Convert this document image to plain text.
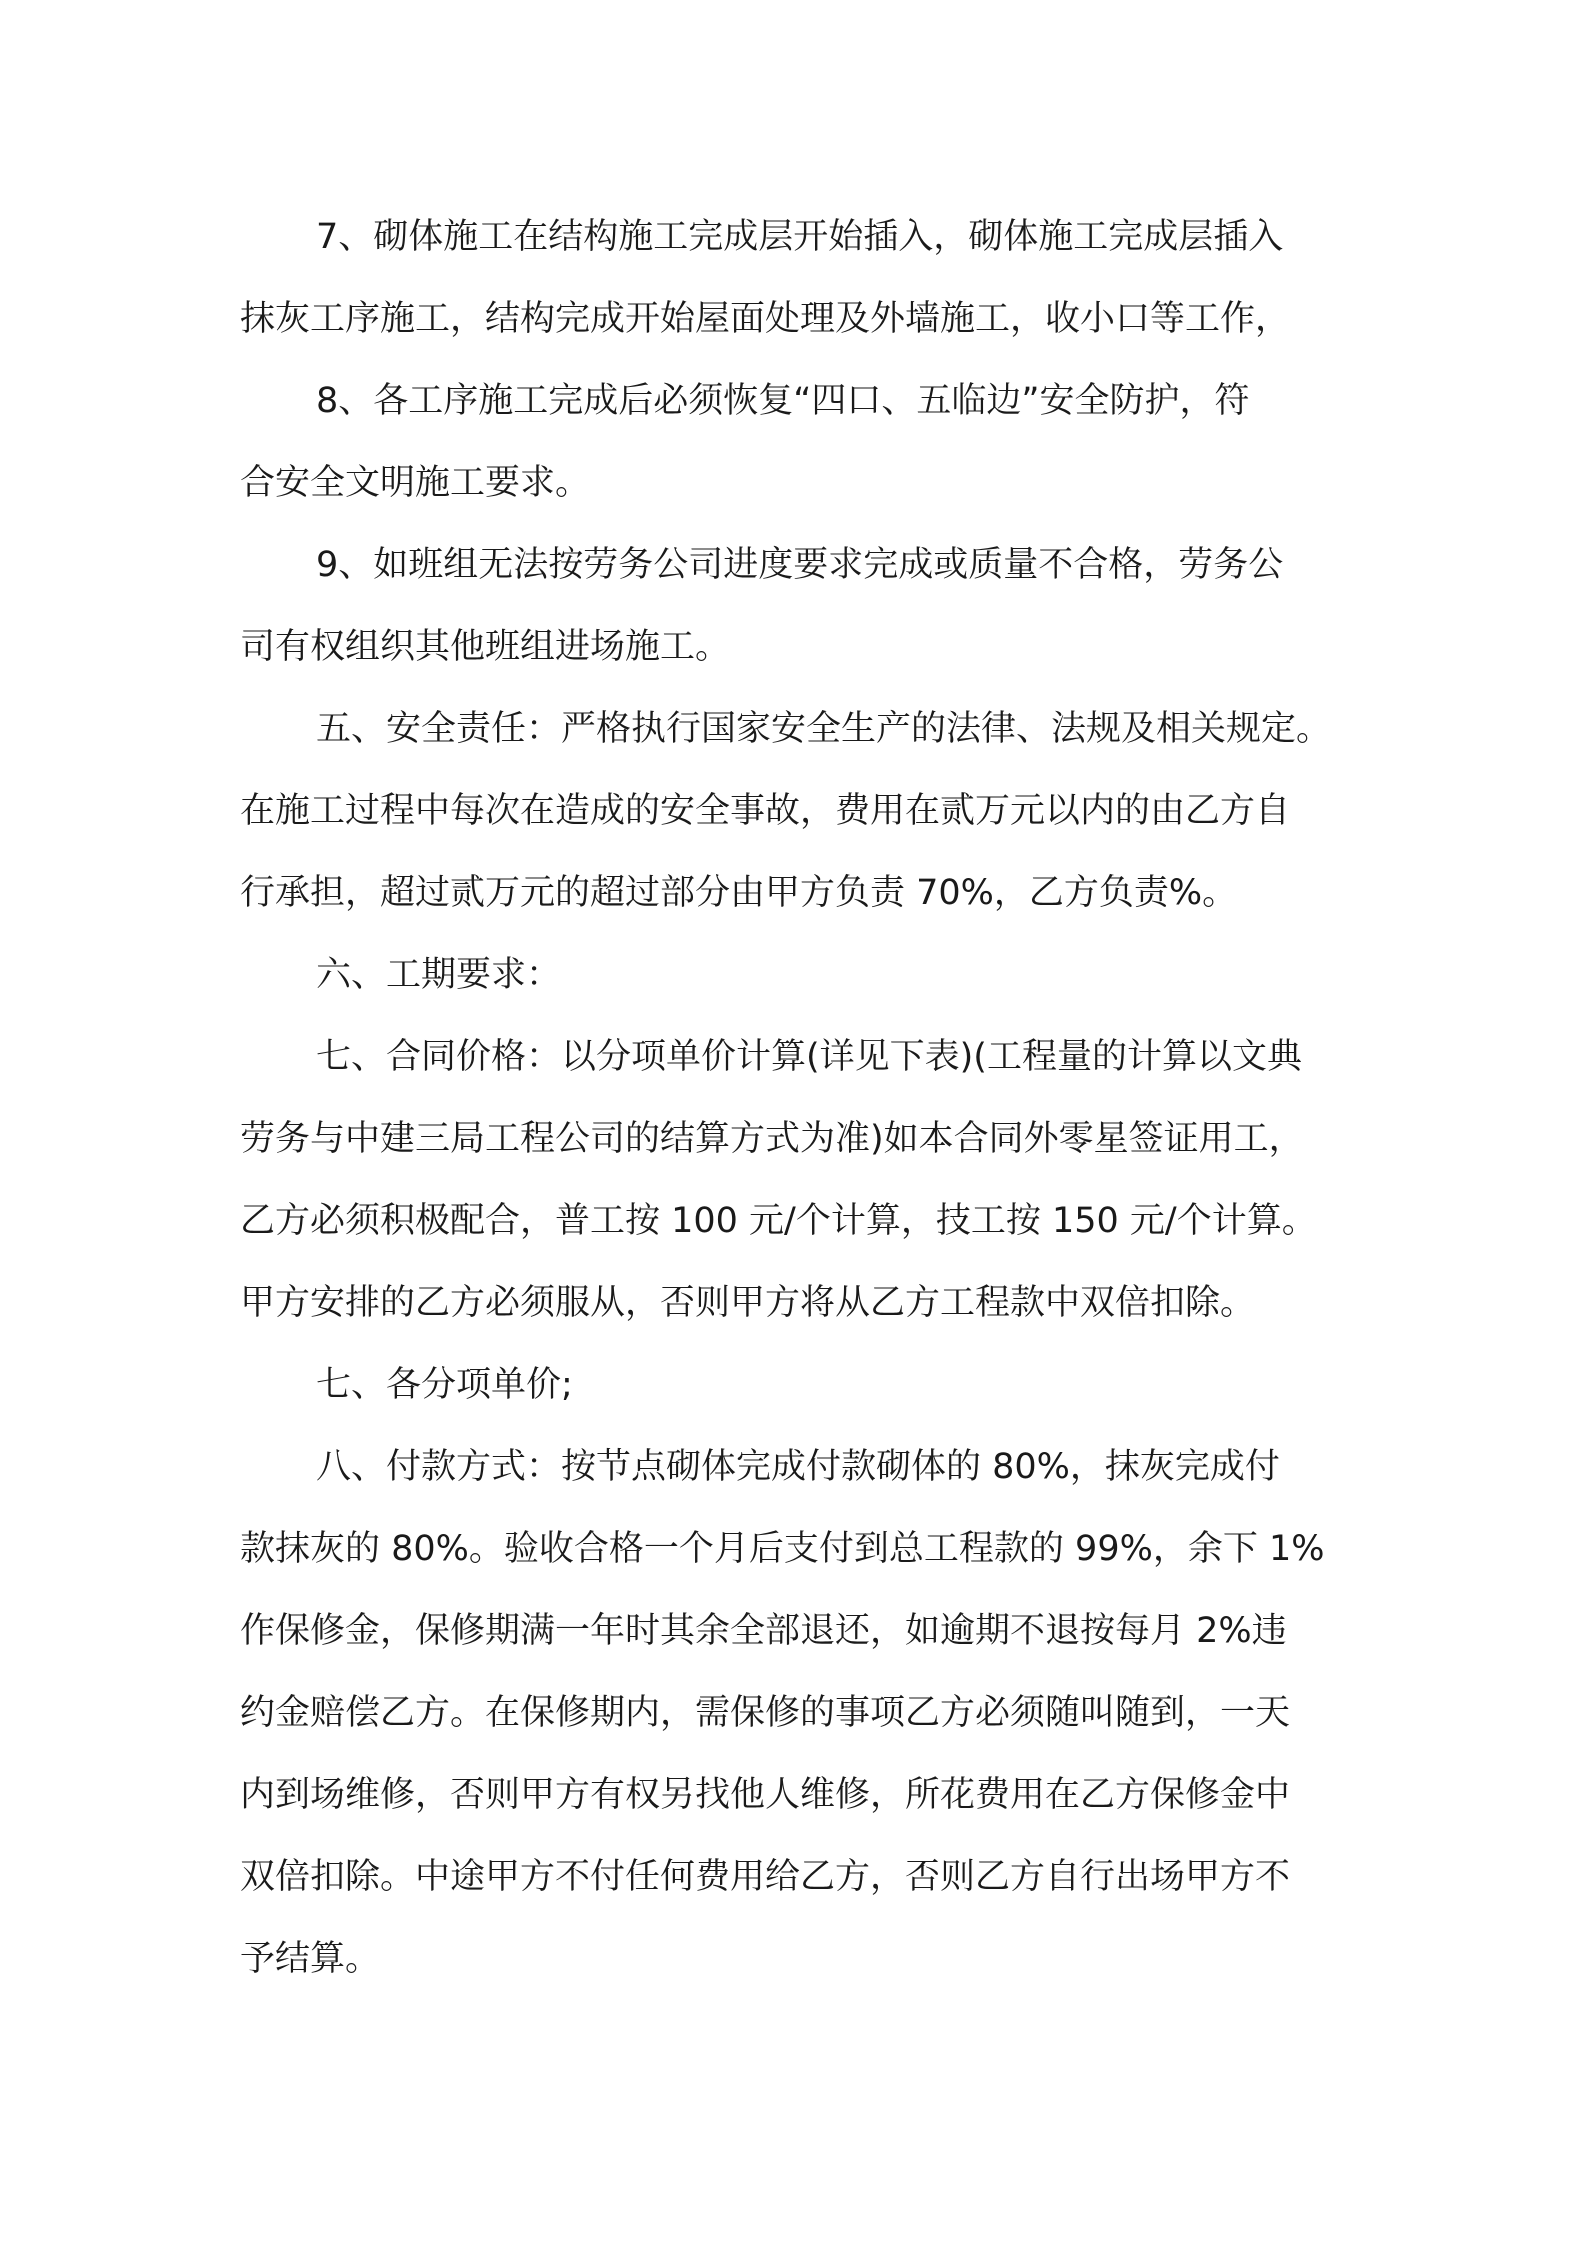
7、砌体施工在结构施工完成层开始插入，砌体施工完成层插入
抹灰工序施工，结构完成开始屋面处理及外墙施工，收小口等工作，
8、各工序施工完成后必须恢复“四口、五临边”安全防护，符
合安全文明施工要求。
9、如班组无法按劳务公司进度要求完成或质量不合格，劳务公
司有权组织其他班组进场施工。
五、安全责任：严格执行国家安全生产的法律、法规及相关规定。
在施工过程中每次在造成的安全事故，费用在贰万元以内的由乙方自
行承担，超过贰万元的超过部分由甲方负责 70%，乙方负责%。
六、工期要求：
七、合同价格：以分项单价计算(详见下表)(工程量的计算以文典
劳务与中建三局工程公司的结算方式为准)如本合同外零星签证用工，
乙方必须积极配合，普工按 100 元/个计算，技工按 150 元/个计算。
甲方安排的乙方必须服从，否则甲方将从乙方工程款中双倍扣除。
七、各分项单价;
八、付款方式：按节点砌体完成付款砌体的 80%，抹灰完成付
款抹灰的 80%。验收合格一个月后支付到总工程款的 99%，余下 1%
作保修金，保修期满一年时其余全部退还，如逾期不退按每月 2%违
约金赔偿乙方。在保修期内，需保修的事项乙方必须随叫随到，一天
内到场维修，否则甲方有权另找他人维修，所花费用在乙方保修金中
双倍扣除。中途甲方不付任何费用给乙方，否则乙方自行出场甲方不
予结算。
